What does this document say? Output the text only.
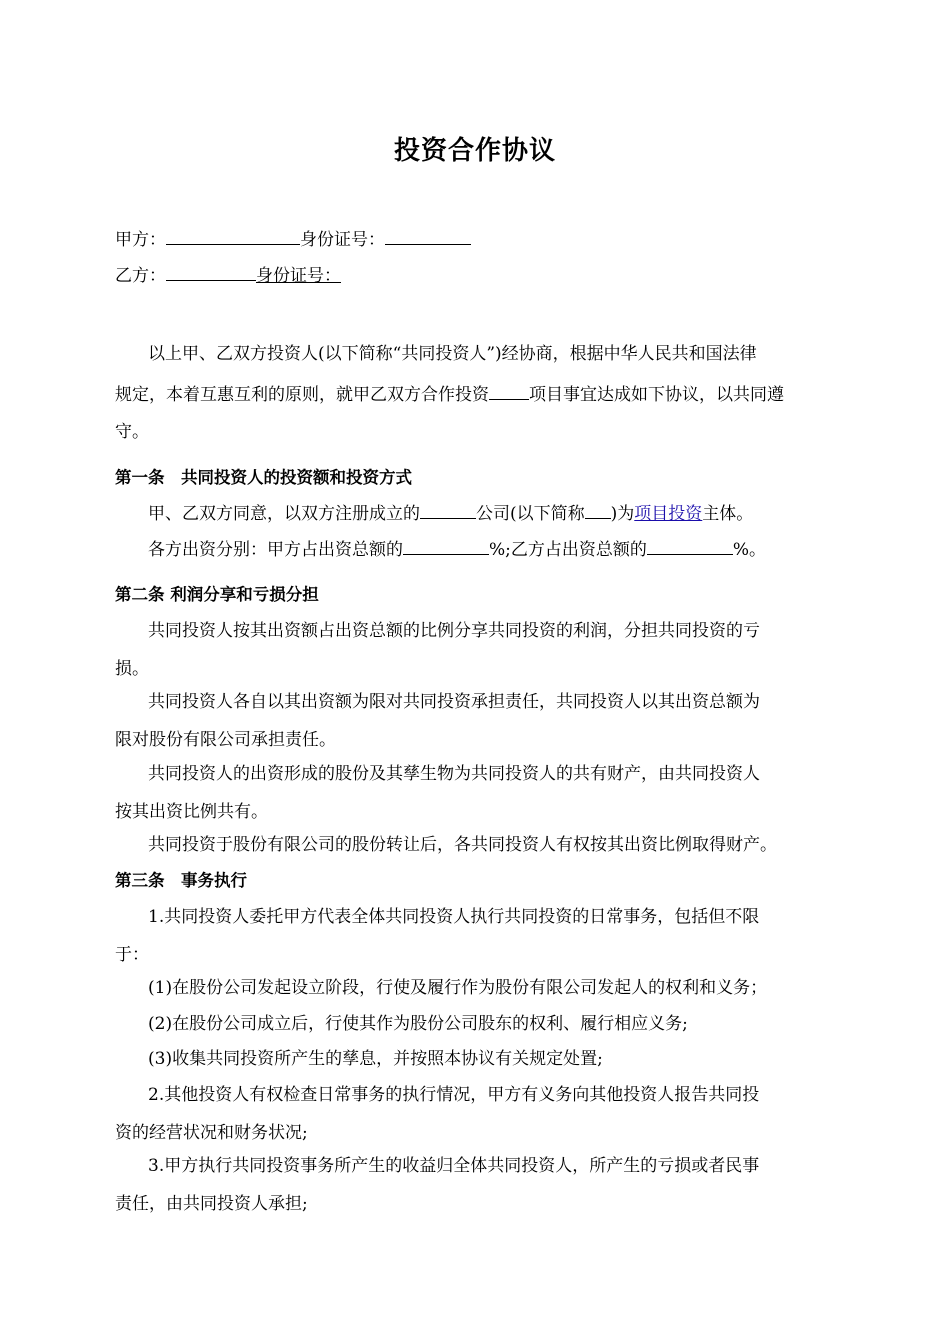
投资合作协议
甲方：	身份证号：
乙方：	身份证号：
以上甲、乙双方投资人(以下简称“共同投资人”)经协商，根据中华人民共和国法律
规定，本着互惠互利的原则，就甲乙双方合作投资 项目事宜达成如下协议，以共同遵
守。
第一条　共同投资人的投资额和投资方式
甲、乙双方同意，以双方注册成立的	公司(以下简称 )为项目投资主体。
各方出资分别：甲方占出资总额的	%;乙方占出资总额的	%。
第二条 利润分享和亏损分担
共同投资人按其出资额占出资总额的比例分享共同投资的利润，分担共同投资的亏
损。
共同投资人各自以其出资额为限对共同投资承担责任，共同投资人以其出资总额为
限对股份有限公司承担责任。
共同投资人的出资形成的股份及其孳生物为共同投资人的共有财产，由共同投资人
按其出资比例共有。
共同投资于股份有限公司的股份转让后，各共同投资人有权按其出资比例取得财产。
第三条　事务执行
1.共同投资人委托甲方代表全体共同投资人执行共同投资的日常事务，包括但不限
于：
(1)在股份公司发起设立阶段，行使及履行作为股份有限公司发起人的权利和义务；
(2)在股份公司成立后，行使其作为股份公司股东的权利、履行相应义务;
(3)收集共同投资所产生的孳息，并按照本协议有关规定处置;
2.其他投资人有权检查日常事务的执行情况，甲方有义务向其他投资人报告共同投
资的经营状况和财务状况;
3.甲方执行共同投资事务所产生的收益归全体共同投资人，所产生的亏损或者民事
责任，由共同投资人承担;
